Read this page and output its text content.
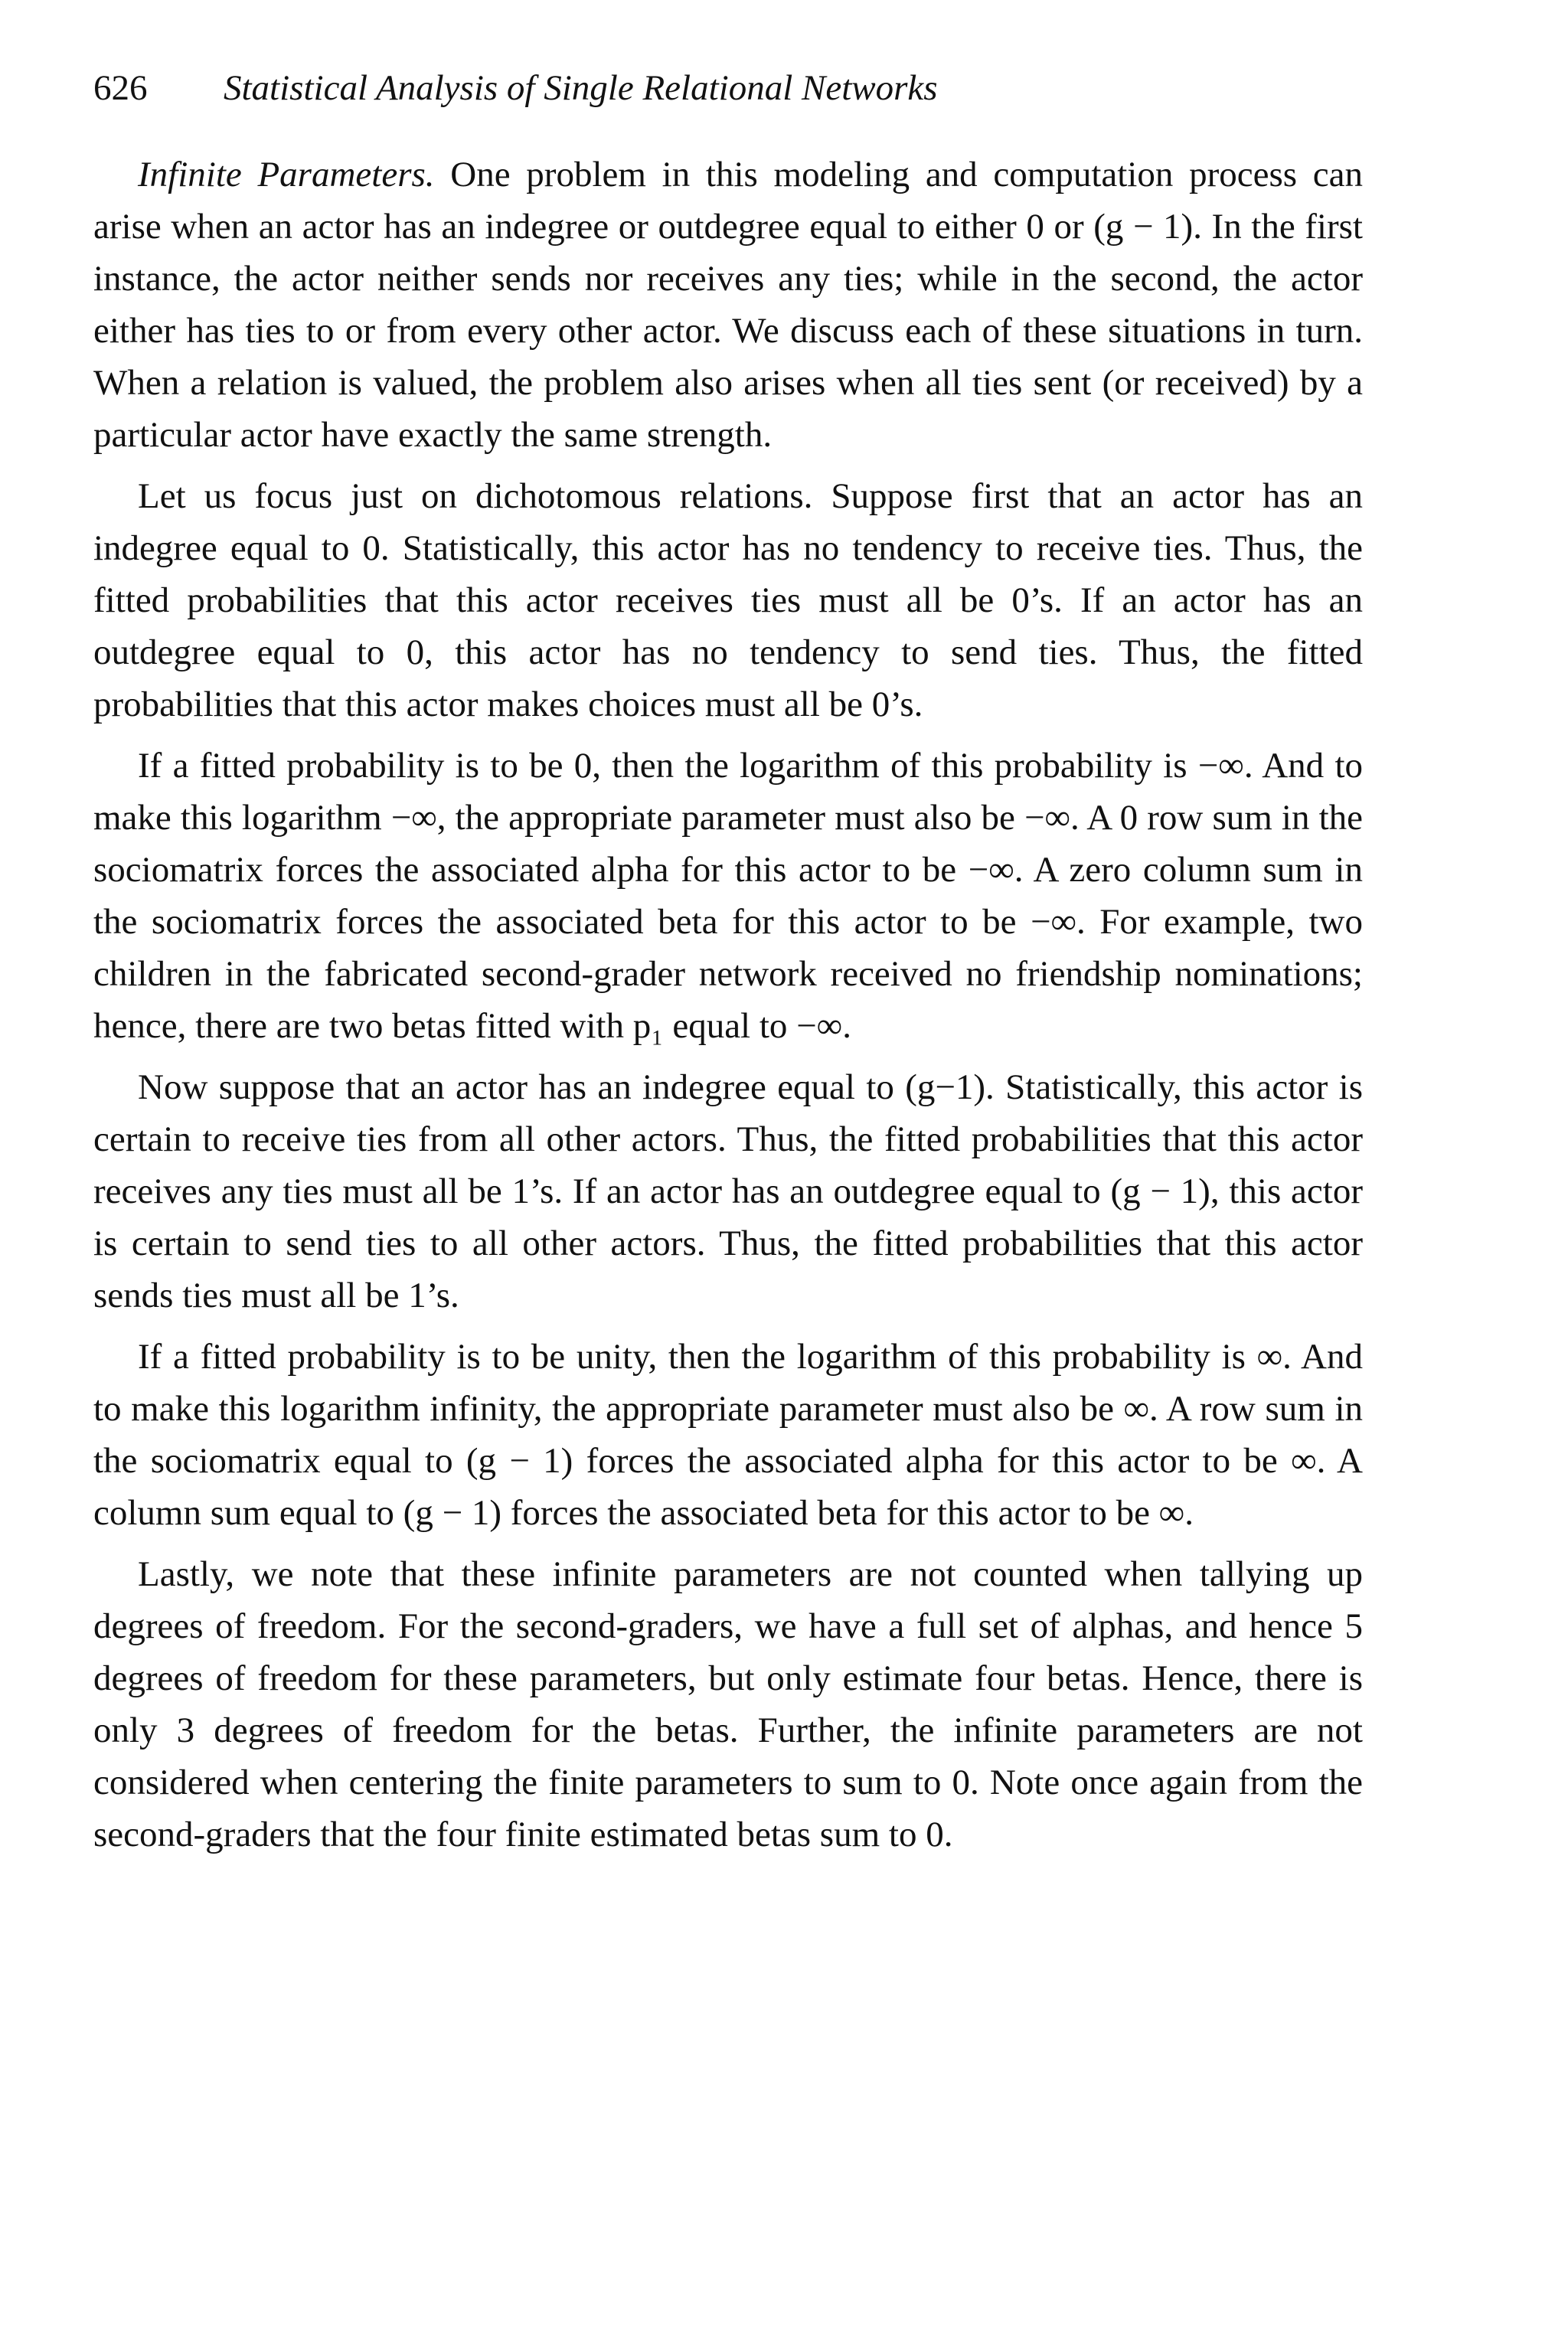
626 Statistical Analysis of Single Relational Networks

Infinite Parameters. One problem in this modeling and computation process can arise when an actor has an indegree or outdegree equal to either 0 or (g − 1). In the first instance, the actor neither sends nor receives any ties; while in the second, the actor either has ties to or from every other actor. We discuss each of these situations in turn. When a relation is valued, the problem also arises when all ties sent (or received) by a particular actor have exactly the same strength.

Let us focus just on dichotomous relations. Suppose first that an actor has an indegree equal to 0. Statistically, this actor has no tendency to receive ties. Thus, the fitted probabilities that this actor receives ties must all be 0’s. If an actor has an outdegree equal to 0, this actor has no tendency to send ties. Thus, the fitted probabilities that this actor makes choices must all be 0’s.

If a fitted probability is to be 0, then the logarithm of this probability is −∞. And to make this logarithm −∞, the appropriate parameter must also be −∞. A 0 row sum in the sociomatrix forces the associated alpha for this actor to be −∞. A zero column sum in the sociomatrix forces the associated beta for this actor to be −∞. For example, two children in the fabricated second-grader network received no friendship nominations; hence, there are two betas fitted with p₁ equal to −∞.

Now suppose that an actor has an indegree equal to (g−1). Statistically, this actor is certain to receive ties from all other actors. Thus, the fitted probabilities that this actor receives any ties must all be 1’s. If an actor has an outdegree equal to (g − 1), this actor is certain to send ties to all other actors. Thus, the fitted probabilities that this actor sends ties must all be 1’s.

If a fitted probability is to be unity, then the logarithm of this probability is ∞. And to make this logarithm infinity, the appropriate parameter must also be ∞. A row sum in the sociomatrix equal to (g − 1) forces the associated alpha for this actor to be ∞. A column sum equal to (g − 1) forces the associated beta for this actor to be ∞.

Lastly, we note that these infinite parameters are not counted when tallying up degrees of freedom. For the second-graders, we have a full set of alphas, and hence 5 degrees of freedom for these parameters, but only estimate four betas. Hence, there is only 3 degrees of freedom for the betas. Further, the infinite parameters are not considered when centering the finite parameters to sum to 0. Note once again from the second-graders that the four finite estimated betas sum to 0.
